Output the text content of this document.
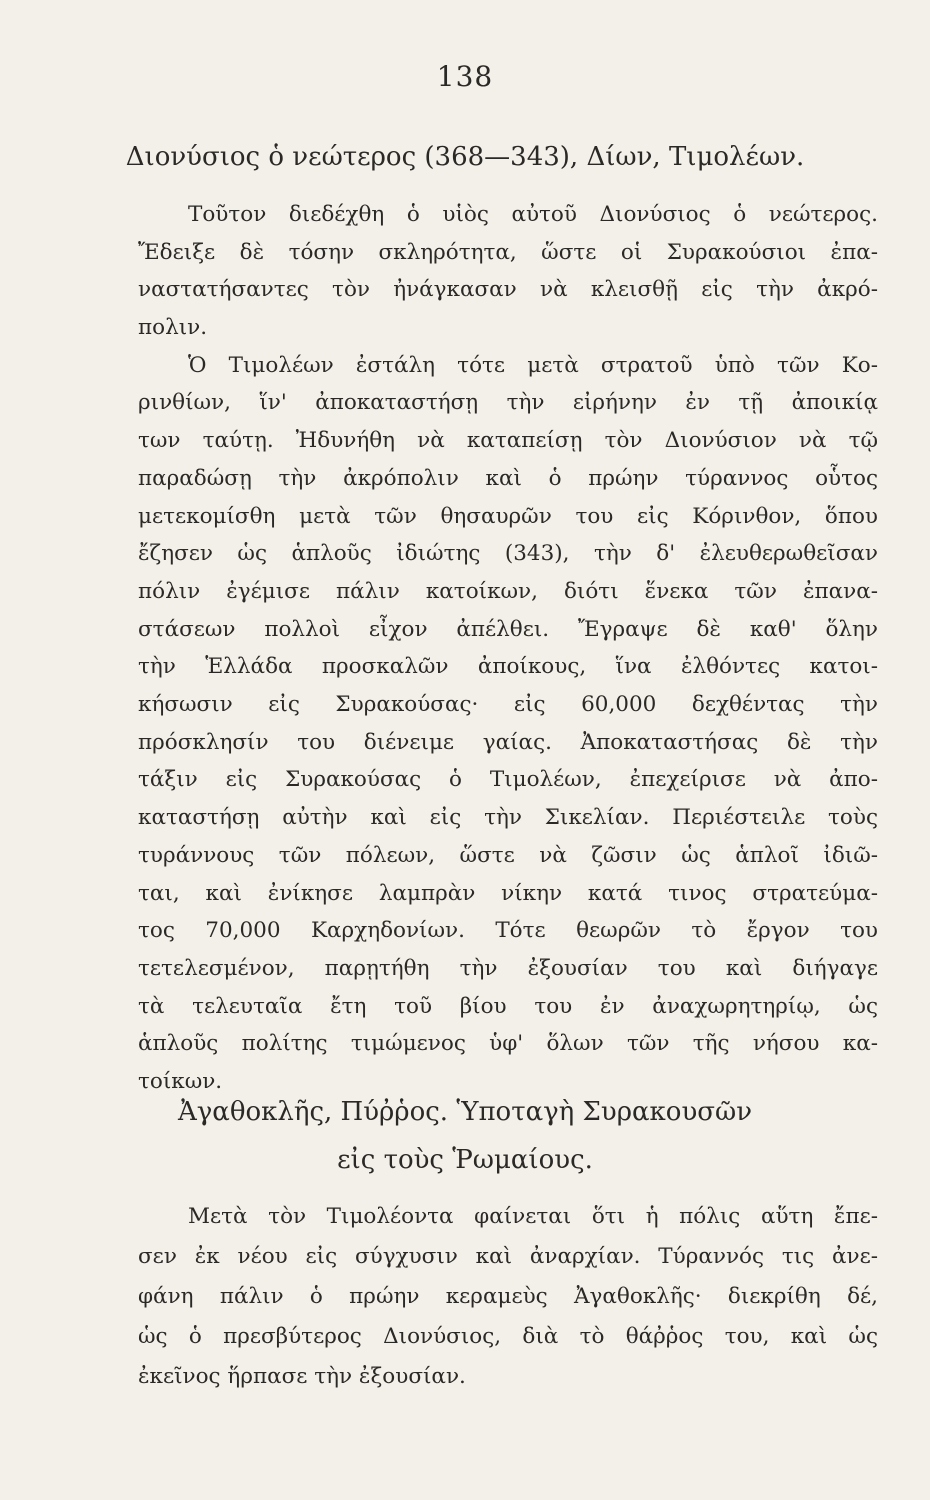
138
Διονύσιος ὁ νεώτερος (368—343), Δίων, Τιμολέων.
Τοῦτον διεδέχθη ὁ υἱὸς αὐτοῦ Διονύσιος ὁ νεώτερος.
Ἔδειξε δὲ τόσην σκληρότητα, ὥστε οἱ Συρακούσιοι ἐπα-
ναστατήσαντες τὸν ἠνάγκασαν νὰ κλεισθῇ εἰς τὴν ἀκρό-
πολιν.
Ὁ Τιμολέων ἐστάλη τότε μετὰ στρατοῦ ὑπὸ τῶν Κο-
ρινθίων, ἵν' ἀποκαταστήσῃ τὴν εἰρήνην ἐν τῇ ἀποικίᾳ
των ταύτῃ. Ἠδυνήθη νὰ καταπείσῃ τὸν Διονύσιον νὰ τῷ
παραδώσῃ τὴν ἀκρόπολιν καὶ ὁ πρώην τύραννος οὗτος
μετεκομίσθη μετὰ τῶν θησαυρῶν του εἰς Κόρινθον, ὅπου
ἔζησεν ὡς ἁπλοῦς ἰδιώτης (343), τὴν δ' ἐλευθερωθεῖσαν
πόλιν ἐγέμισε πάλιν κατοίκων, διότι ἕνεκα τῶν ἐπανα-
στάσεων πολλοὶ εἶχον ἀπέλθει. Ἔγραψε δὲ καθ' ὅλην
τὴν Ἑλλάδα προσκαλῶν ἀποίκους, ἵνα ἐλθόντες κατοι-
κήσωσιν εἰς Συρακούσας· εἰς 60,000 δεχθέντας τὴν
πρόσκλησίν του διένειμε γαίας. Ἀποκαταστήσας δὲ τὴν
τάξιν εἰς Συρακούσας ὁ Τιμολέων, ἐπεχείρισε νὰ ἀπο-
καταστήσῃ αὐτὴν καὶ εἰς τὴν Σικελίαν. Περιέστειλε τοὺς
τυράννους τῶν πόλεων, ὥστε νὰ ζῶσιν ὡς ἁπλοῖ ἰδιῶ-
ται, καὶ ἐνίκησε λαμπρὰν νίκην κατά τινος στρατεύμα-
τος 70,000 Καρχηδονίων. Τότε θεωρῶν τὸ ἔργον του
τετελεσμένον, παρῃτήθη τὴν ἐξουσίαν του καὶ διήγαγε
τὰ τελευταῖα ἔτη τοῦ βίου του ἐν ἀναχωρητηρίῳ, ὡς
ἁπλοῦς πολίτης τιμώμενος ὑφ' ὅλων τῶν τῆς νήσου κα-
Ἀγαθοκλῆς, Πύῤῥος. Ὑποταγὴ Συρακουσῶν
εἰς τοὺς Ῥωμαίους.
Μετὰ τὸν Τιμολέοντα φαίνεται ὅτι ἡ πόλις αὕτη ἔπε-
σεν ἐκ νέου εἰς σύγχυσιν καὶ ἀναρχίαν. Τύραννός τις ἀνε-
φάνη πάλιν ὁ πρώην κεραμεὺς Ἀγαθοκλῆς· διεκρίθη δέ,
ὡς ὁ πρεσβύτερος Διονύσιος, διὰ τὸ θάῤῥος του, καὶ ὡς
ἐκεῖνος ἥρπασε τὴν ἐξουσίαν.
τοίκων.
